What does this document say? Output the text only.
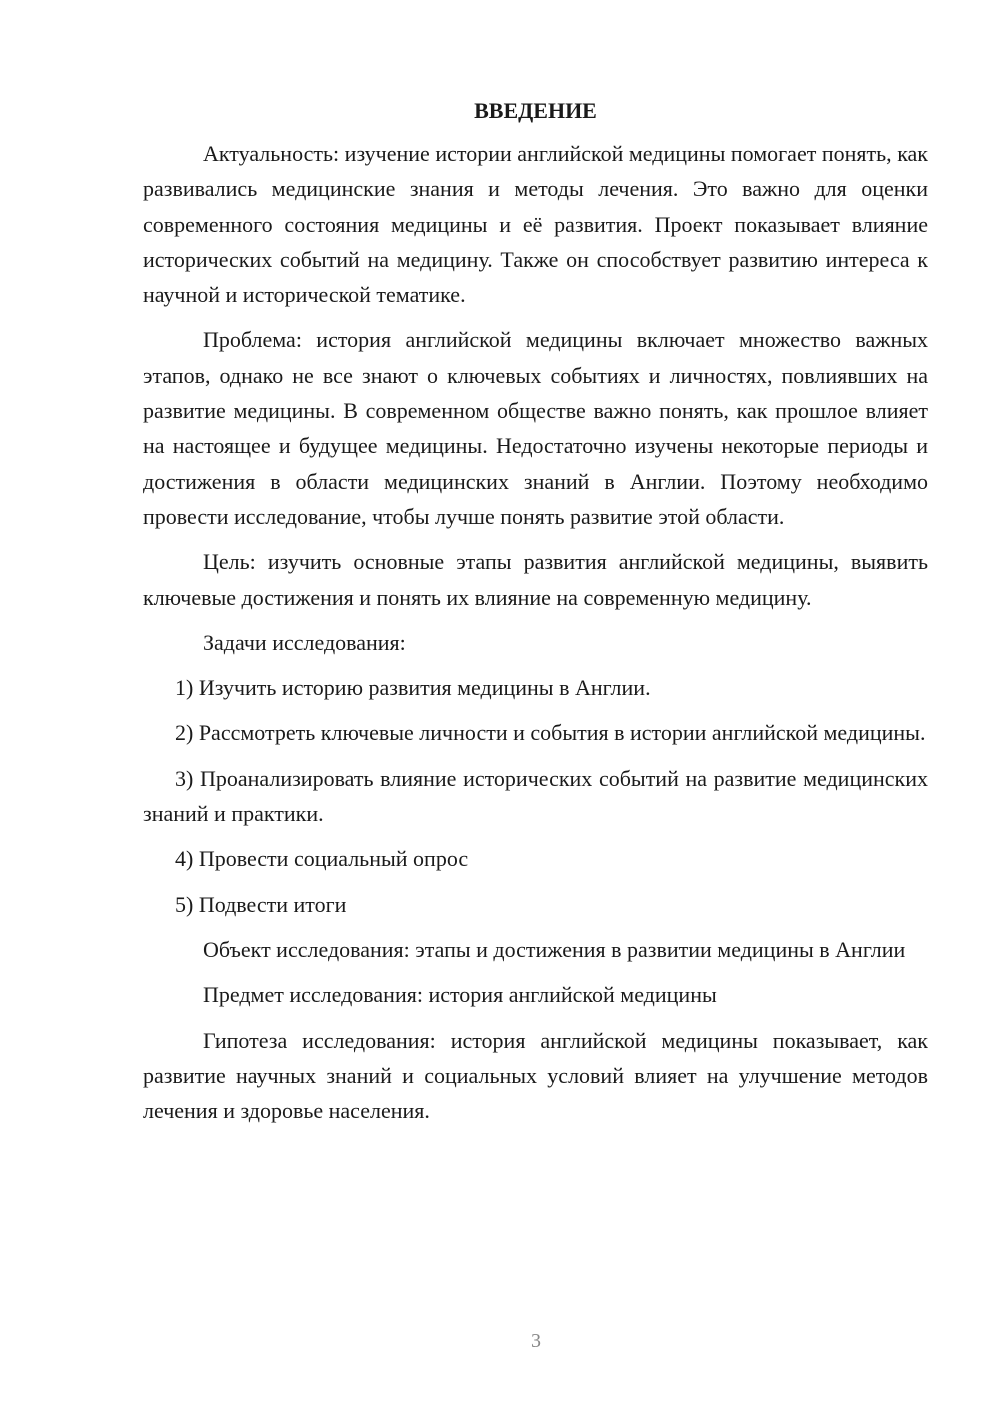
ВВЕДЕНИЕ

Актуальность: изучение истории английской медицины помогает понять, как развивались медицинские знания и методы лечения. Это важно для оценки современного состояния медицины и её развития. Проект показывает влияние исторических событий на медицину. Также он способствует развитию интереса к научной и исторической тематике.

Проблема: история английской медицины включает множество важных этапов, однако не все знают о ключевых событиях и личностях, повлиявших на развитие медицины. В современном обществе важно понять, как прошлое влияет на настоящее и будущее медицины. Недостаточно изучены некоторые периоды и достижения в области медицинских знаний в Англии. Поэтому необходимо провести исследование, чтобы лучше понять развитие этой области.

Цель: изучить основные этапы развития английской медицины, выявить ключевые достижения и понять их влияние на современную медицину.

Задачи исследования:

1) Изучить историю развития медицины в Англии.

2) Рассмотреть ключевые личности и события в истории английской медицины.

3) Проанализировать влияние исторических событий на развитие медицинских знаний и практики.

4) Провести социальный опрос

5) Подвести итоги

Объект исследования: этапы и достижения в развитии медицины в Англии

Предмет исследования: история английской медицины

Гипотеза исследования: история английской медицины показывает, как развитие научных знаний и социальных условий влияет на улучшение методов лечения и здоровье населения.

3
